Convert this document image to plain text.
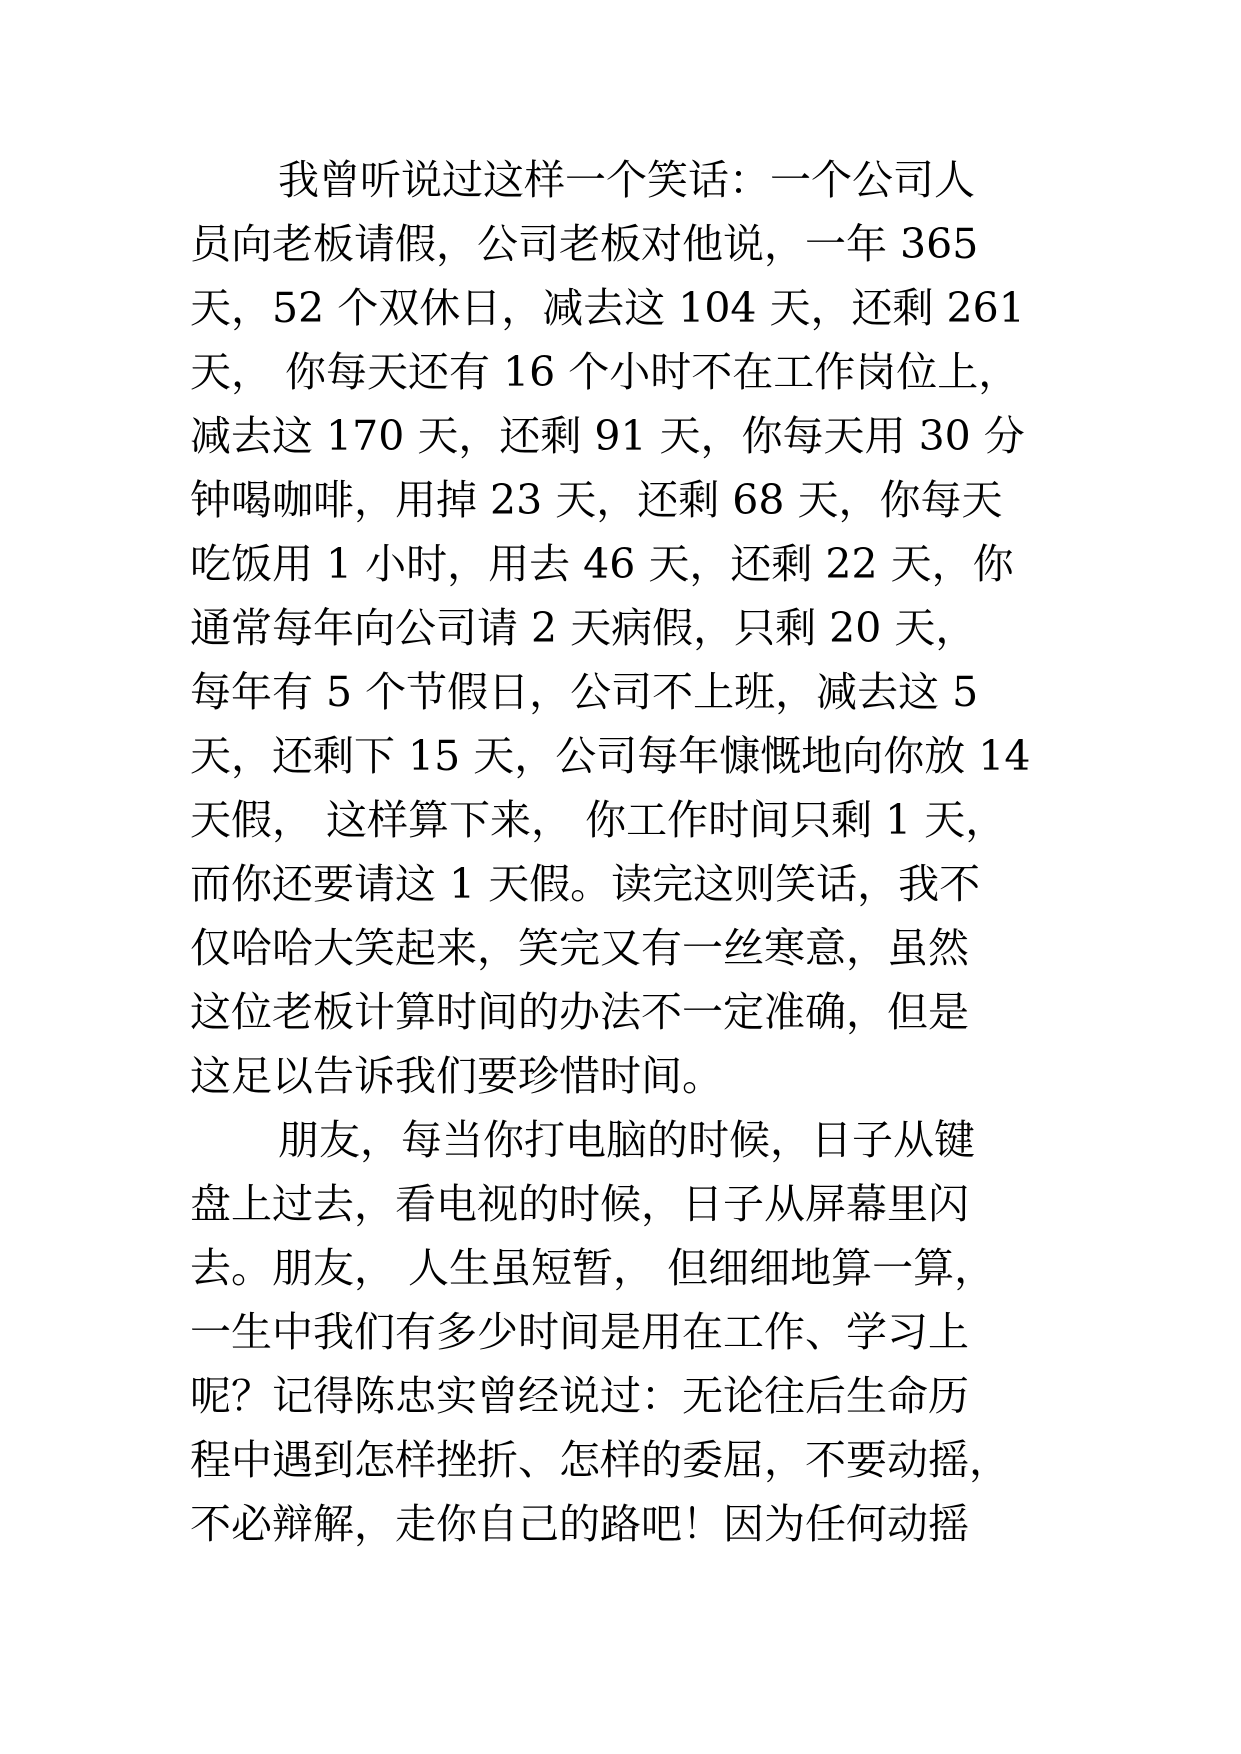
我曾听说过这样一个笑话：一个公司人
员向老板请假，公司老板对他说，一年 365
天，52 个双休日，减去这 104 天，还剩 261
天， 你每天还有 16 个小时不在工作岗位上，
减去这 170 天，还剩 91 天，你每天用 30 分
钟喝咖啡，用掉 23 天，还剩 68 天，你每天
吃饭用 1 小时，用去 46 天，还剩 22 天，你
通常每年向公司请 2 天病假，只剩 20 天，
每年有 5 个节假日，公司不上班，减去这 5
天，还剩下 15 天，公司每年慷慨地向你放 14
天假， 这样算下来， 你工作时间只剩 1 天，
而你还要请这 1 天假。读完这则笑话，我不
仅哈哈大笑起来，笑完又有一丝寒意，虽然
这位老板计算时间的办法不一定准确，但是
这足以告诉我们要珍惜时间。
朋友，每当你打电脑的时候，日子从键
盘上过去，看电视的时候，日子从屏幕里闪
去。朋友， 人生虽短暂， 但细细地算一算，
一生中我们有多少时间是用在工作、学习上
呢？记得陈忠实曾经说过：无论往后生命历
程中遇到怎样挫折、怎样的委屈，不要动摇，
不必辩解，走你自己的路吧！因为任何动摇
